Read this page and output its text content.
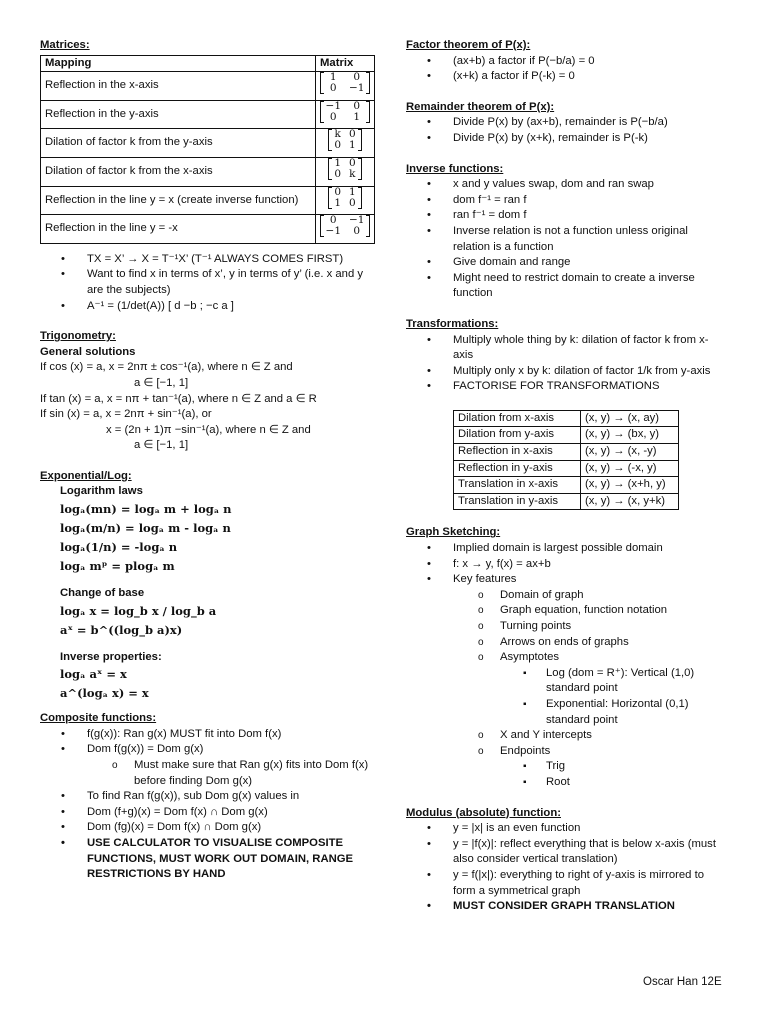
Matrices:
Mapping	Matrix
Reflection in the x-axis	1 0
0 −1

Reflection in the y-axis	−1 0
0 1

Dilation of factor k from the y-axis	k 0
0 1

Dilation of factor k from the x-axis	1 0
0 k

Reflection in the line y = x (create inverse function)	0 1
1 0

Reflection in the line y = -x	0 −1
−1 0
• TX = X’ → X = T⁻¹X’ (T⁻¹ ALWAYS COMES FIRST)
• Want to find x in terms of x’, y in terms of y’ (i.e. x and y are the subjects)
• A⁻¹ = (1/det(A)) [ d −b ; −c a ]
Trigonometry:
General solutions
If cos (x) = a, x = 2nπ ± cos⁻¹(a), where n ∈ Z and
a ∈ [−1, 1]
If tan (x) = a, x = nπ + tan⁻¹(a), where n ∈ Z and a ∈ R
If sin (x) = a, x = 2nπ + sin⁻¹(a), or
x = (2n + 1)π −sin⁻¹(a), where n ∈ Z and
a ∈ [−1, 1]
Exponential/Log:
Logarithm laws
logₐ(mn) = logₐ m + logₐ n
logₐ(m/n) = logₐ m - logₐ n
logₐ(1/n) = -logₐ n
logₐ mᵖ = plogₐ m
Change of base
logₐ x = log_b x / log_b a
aˣ = b^((log_b a)x)
Inverse properties:
logₐ aˣ = x
a^(logₐ x) = x
Composite functions:
• f(g(x)): Ran g(x) MUST fit into Dom f(x)
• Dom f(g(x)) = Dom g(x)
o Must make sure that Ran g(x) fits into Dom f(x) before finding Dom g(x)
• To find Ran f(g(x)), sub Dom g(x) values in
• Dom (f+g)(x) = Dom f(x) ∩ Dom g(x)
• Dom (fg)(x) = Dom f(x) ∩ Dom g(x)
• USE CALCULATOR TO VISUALISE COMPOSITE FUNCTIONS, MUST WORK OUT DOMAIN, RANGE RESTRICTIONS BY HAND
Factor theorem of P(x):
• (ax+b) a factor if P(−b/a) = 0
• (x+k) a factor if P(-k) = 0
Remainder theorem of P(x):
• Divide P(x) by (ax+b), remainder is P(−b/a)
• Divide P(x) by (x+k), remainder is P(-k)
Inverse functions:
• x and y values swap, dom and ran swap
• dom f⁻¹ = ran f
• ran f⁻¹ = dom f
• Inverse relation is not a function unless original relation is a function
• Give domain and range
• Might need to restrict domain to create a inverse function
Transformations:
• Multiply whole thing by k: dilation of factor k from x-axis
• Multiply only x by k: dilation of factor 1/k from y-axis
• FACTORISE FOR TRANSFORMATIONS
Dilation from x-axis	(x, y) → (x, ay)
Dilation from y-axis	(x, y) → (bx, y)
Reflection in x-axis	(x, y) → (x, -y)
Reflection in y-axis	(x, y) → (-x, y)
Translation in x-axis	(x, y) → (x+h, y)
Translation in y-axis	(x, y) → (x, y+k)
Graph Sketching:
• Implied domain is largest possible domain
• f: x → y, f(x) = ax+b
• Key features
o Domain of graph
o Graph equation, function notation
o Turning points
o Arrows on ends of graphs
o Asymptotes
▪ Log (dom = R⁺): Vertical (1,0) standard point
▪ Exponential: Horizontal (0,1) standard point
o X and Y intercepts
o Endpoints
▪ Trig
▪ Root
Modulus (absolute) function:
• y = |x| is an even function
• y = |f(x)|: reflect everything that is below x-axis (must also consider vertical translation)
• y = f(|x|): everything to right of y-axis is mirrored to form a symmetrical graph
• MUST CONSIDER GRAPH TRANSLATION
Oscar Han 12E
